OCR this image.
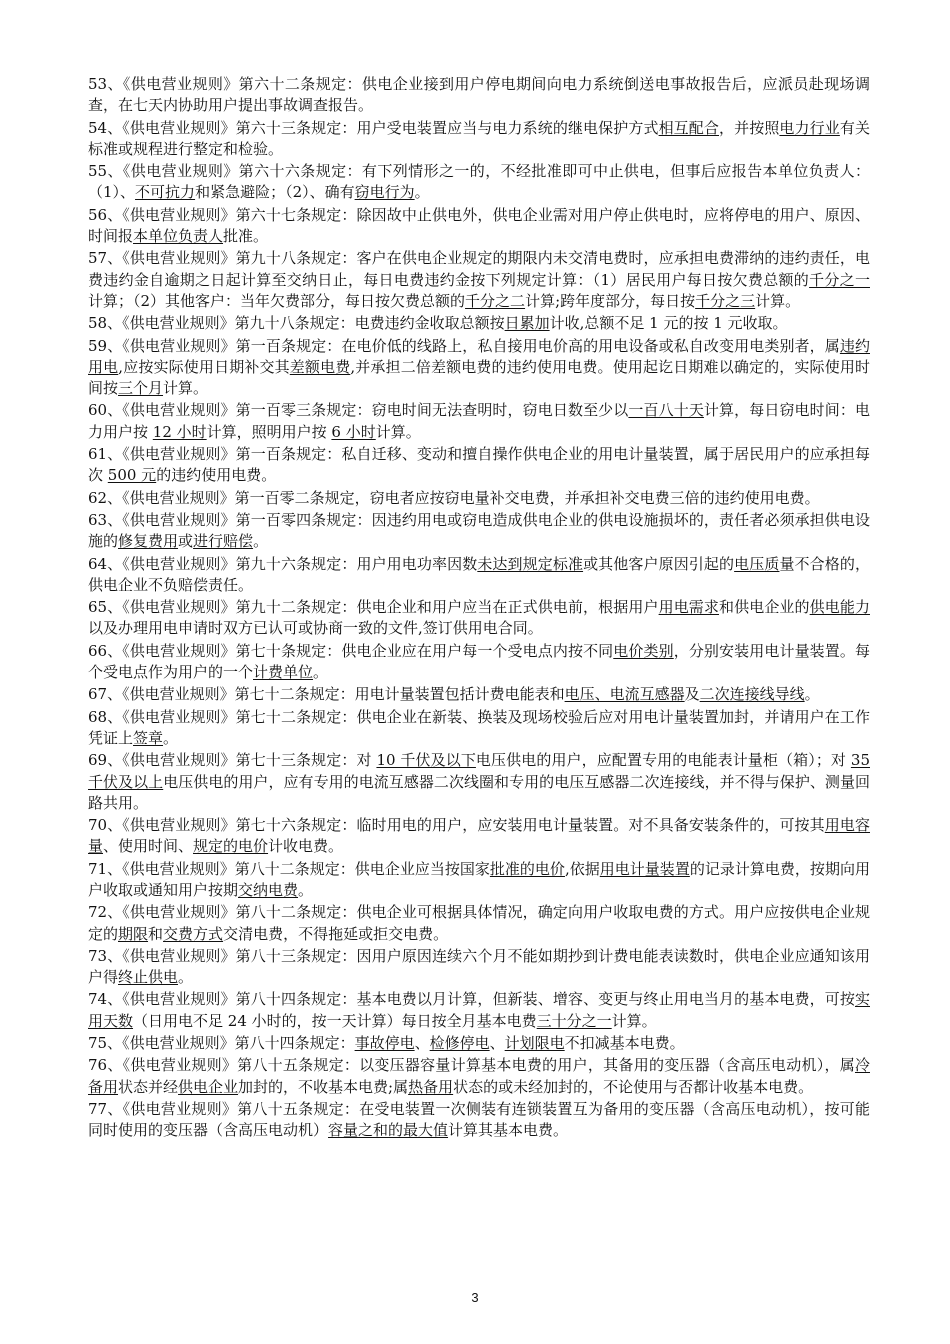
53、《供电营业规则》第六十二条规定：供电企业接到用户停电期间向电力系统倒送电事故报告后，应派员赴现场调查，在七天内协助用户提出事故调查报告。
54、《供电营业规则》第六十三条规定：用户受电装置应当与电力系统的继电保护方式相互配合，并按照电力行业有关标准或规程进行整定和检验。
55、《供电营业规则》第六十六条规定：有下列情形之一的，不经批准即可中止供电，但事后应报告本单位负责人：（1）、不可抗力和紧急避险；（2）、确有窃电行为。
56、《供电营业规则》第六十七条规定：除因故中止供电外，供电企业需对用户停止供电时，应将停电的用户、原因、时间报本单位负责人批准。
57、《供电营业规则》第九十八条规定：客户在供电企业规定的期限内未交清电费时，应承担电费滞纳的违约责任，电费违约金自逾期之日起计算至交纳日止，每日电费违约金按下列规定计算：（1）居民用户每日按欠费总额的千分之一计算；（2）其他客户：当年欠费部分，每日按欠费总额的千分之二计算;跨年度部分，每日按千分之三计算。
58、《供电营业规则》第九十八条规定：电费违约金收取总额按日累加计收,总额不足 1 元的按 1 元收取。
59、《供电营业规则》第一百条规定：在电价低的线路上，私自接用电价高的用电设备或私自改变用电类别者，属违约用电,应按实际使用日期补交其差额电费,并承担二倍差额电费的违约使用电费。使用起讫日期难以确定的，实际使用时间按三个月计算。
60、《供电营业规则》第一百零三条规定：窃电时间无法查明时，窃电日数至少以一百八十天计算，每日窃电时间：电力用户按 12 小时计算，照明用户按 6 小时计算。
61、《供电营业规则》第一百条规定：私自迁移、变动和擅自操作供电企业的用电计量装置，属于居民用户的应承担每次 500 元的违约使用电费。
62、《供电营业规则》第一百零二条规定，窃电者应按窃电量补交电费，并承担补交电费三倍的违约使用电费。
63、《供电营业规则》第一百零四条规定：因违约用电或窃电造成供电企业的供电设施损坏的，责任者必须承担供电设施的修复费用或进行赔偿。
64、《供电营业规则》第九十六条规定：用户用电功率因数未达到规定标准或其他客户原因引起的电压质量不合格的，供电企业不负赔偿责任。
65、《供电营业规则》第九十二条规定：供电企业和用户应当在正式供电前，根据用户用电需求和供电企业的供电能力以及办理用电申请时双方已认可或协商一致的文件,签订供用电合同。
66、《供电营业规则》第七十条规定：供电企业应在用户每一个受电点内按不同电价类别，分别安装用电计量装置。每个受电点作为用户的一个计费单位。
67、《供电营业规则》第七十二条规定：用电计量装置包括计费电能表和电压、电流互感器及二次连接线导线。
68、《供电营业规则》第七十二条规定：供电企业在新装、换装及现场校验后应对用电计量装置加封，并请用户在工作凭证上签章。
69、《供电营业规则》第七十三条规定：对 10 千伏及以下电压供电的用户，应配置专用的电能表计量柜（箱）；对 35 千伏及以上电压供电的用户，应有专用的电流互感器二次线圈和专用的电压互感器二次连接线，并不得与保护、测量回路共用。
70、《供电营业规则》第七十六条规定：临时用电的用户，应安装用电计量装置。对不具备安装条件的，可按其用电容量、使用时间、规定的电价计收电费。
71、《供电营业规则》第八十二条规定：供电企业应当按国家批准的电价,依据用电计量装置的记录计算电费，按期向用户收取或通知用户按期交纳电费。
72、《供电营业规则》第八十二条规定：供电企业可根据具体情况，确定向用户收取电费的方式。用户应按供电企业规定的期限和交费方式交清电费，不得拖延或拒交电费。
73、《供电营业规则》第八十三条规定：因用户原因连续六个月不能如期抄到计费电能表读数时，供电企业应通知该用户得终止供电。
74、《供电营业规则》第八十四条规定：基本电费以月计算，但新装、增容、变更与终止用电当月的基本电费，可按实用天数（日用电不足 24 小时的，按一天计算）每日按全月基本电费三十分之一计算。
75、《供电营业规则》第八十四条规定：事故停电、检修停电、计划限电不扣减基本电费。
76、《供电营业规则》第八十五条规定：以变压器容量计算基本电费的用户，其备用的变压器（含高压电动机），属冷备用状态并经供电企业加封的，不收基本电费;属热备用状态的或未经加封的，不论使用与否都计收基本电费。
77、《供电营业规则》第八十五条规定：在受电装置一次侧装有连锁装置互为备用的变压器（含高压电动机），按可能同时使用的变压器（含高压电动机）容量之和的最大值计算其基本电费。
3
